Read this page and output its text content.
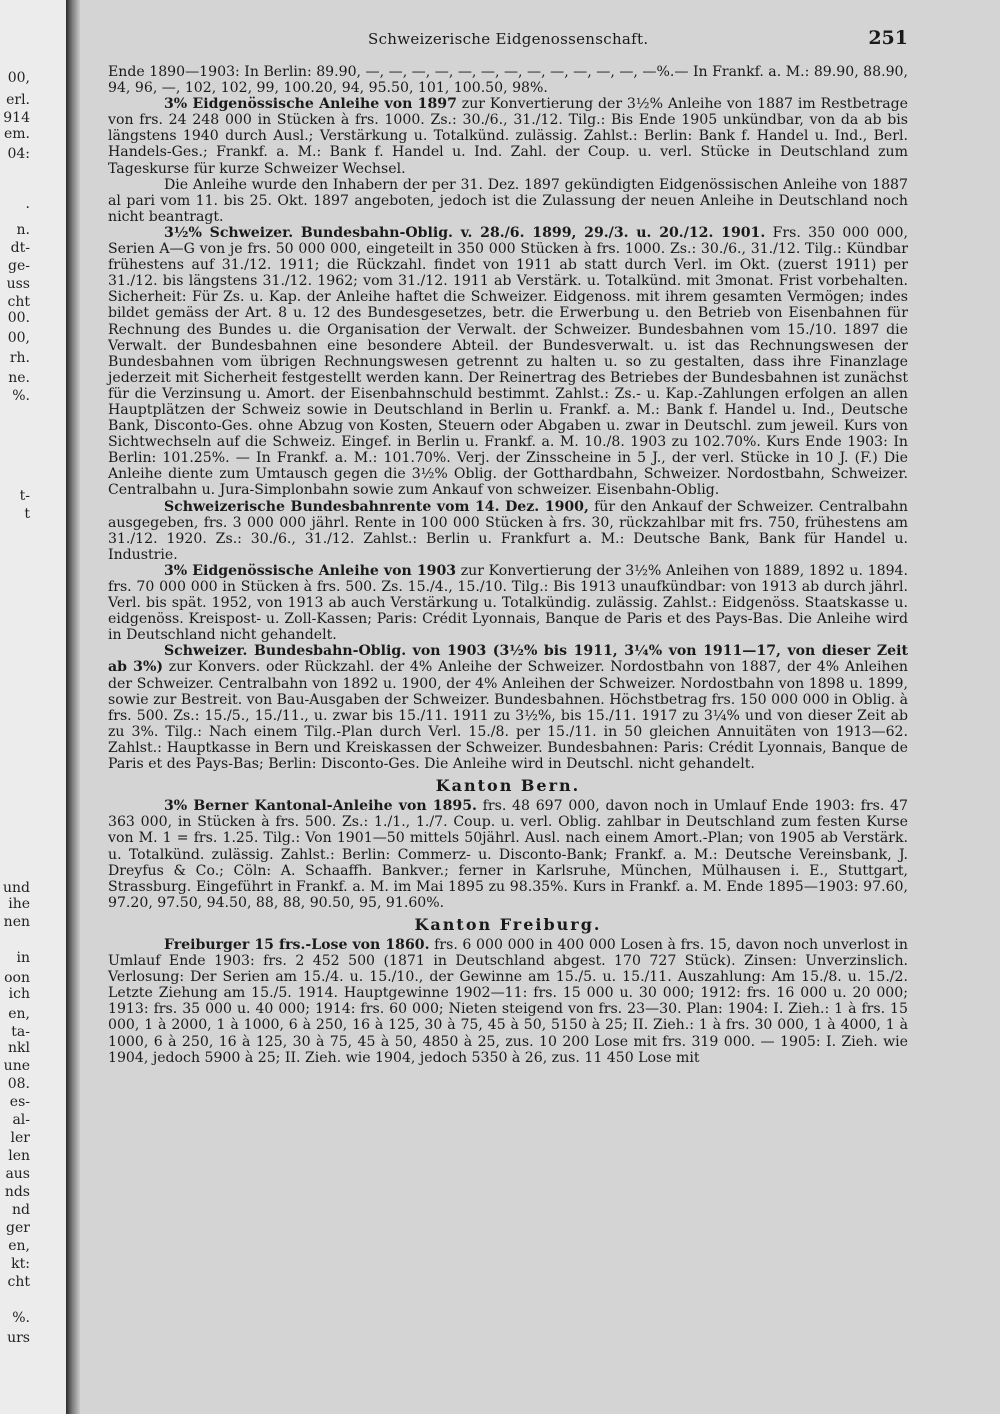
00,
erl.
914
em.
04:
·
n.
dt-
ge-
uss
cht
00.
00,
rh.
ne.
%.
t-
t
und
ihe
nen
in
oon
ich
en,
ta-
nkl
une
08.
es-
al-
ler
len
aus
nds
nd
ger
en,
kt:
cht
%.
urs
Schweizerische Eidgenossenschaft.	251

Ende 1890—1903: In Berlin: 89.90, —, —, —, —, —, —, —, —, —, —, —, —, —%.— In Frankf. a. M.: 89.90, 88.90, 94, 96, —, 102, 102, 99, 100.20, 94, 95.50, 101, 100.50, 98%.

3% Eidgenössische Anleihe von 1897 zur Konvertierung der 3½% Anleihe von 1887 im Restbetrage von frs. 24 248 000 in Stücken à frs. 1000. Zs.: 30./6., 31./12. Tilg.: Bis Ende 1905 unkündbar, von da ab bis längstens 1940 durch Ausl.; Verstärkung u. Totalkünd. zulässig. Zahlst.: Berlin: Bank f. Handel u. Ind., Berl. Handels-Ges.; Frankf. a. M.: Bank f. Handel u. Ind. Zahl. der Coup. u. verl. Stücke in Deutschland zum Tageskurse für kurze Schweizer Wechsel.

Die Anleihe wurde den Inhabern der per 31. Dez. 1897 gekündigten Eidgenössischen Anleihe von 1887 al pari vom 11. bis 25. Okt. 1897 angeboten, jedoch ist die Zulassung der neuen Anleihe in Deutschland noch nicht beantragt.

3½% Schweizer. Bundesbahn-Oblig. v. 28./6. 1899, 29./3. u. 20./12. 1901. Frs. 350 000 000, Serien A—G von je frs. 50 000 000, eingeteilt in 350 000 Stücken à frs. 1000. Zs.: 30./6., 31./12. Tilg.: Kündbar frühestens auf 31./12. 1911; die Rückzahl. findet von 1911 ab statt durch Verl. im Okt. (zuerst 1911) per 31./12. bis längstens 31./12. 1962; vom 31./12. 1911 ab Verstärk. u. Totalkünd. mit 3monat. Frist vorbehalten. Sicherheit: Für Zs. u. Kap. der Anleihe haftet die Schweizer. Eidgenoss. mit ihrem gesamten Vermögen; indes bildet gemäss der Art. 8 u. 12 des Bundesgesetzes, betr. die Erwerbung u. den Betrieb von Eisenbahnen für Rechnung des Bundes u. die Organisation der Verwalt. der Schweizer. Bundesbahnen vom 15./10. 1897 die Verwalt. der Bundesbahnen eine besondere Abteil. der Bundesverwalt. u. ist das Rechnungswesen der Bundesbahnen vom übrigen Rechnungswesen getrennt zu halten u. so zu gestalten, dass ihre Finanzlage jederzeit mit Sicherheit festgestellt werden kann. Der Reinertrag des Betriebes der Bundesbahnen ist zunächst für die Verzinsung u. Amort. der Eisenbahnschuld bestimmt. Zahlst.: Zs.- u. Kap.-Zahlungen erfolgen an allen Hauptplätzen der Schweiz sowie in Deutschland in Berlin u. Frankf. a. M.: Bank f. Handel u. Ind., Deutsche Bank, Disconto-Ges. ohne Abzug von Kosten, Steuern oder Abgaben u. zwar in Deutschl. zum jeweil. Kurs von Sichtwechseln auf die Schweiz. Eingef. in Berlin u. Frankf. a. M. 10./8. 1903 zu 102.70%. Kurs Ende 1903: In Berlin: 101.25%. — In Frankf. a. M.: 101.70%. Verj. der Zinsscheine in 5 J., der verl. Stücke in 10 J. (F.) Die Anleihe diente zum Umtausch gegen die 3½% Oblig. der Gotthardbahn, Schweizer. Nordostbahn, Schweizer. Centralbahn u. Jura-Simplonbahn sowie zum Ankauf von schweizer. Eisenbahn-Oblig.

Schweizerische Bundesbahnrente vom 14. Dez. 1900, für den Ankauf der Schweizer. Centralbahn ausgegeben, frs. 3 000 000 jährl. Rente in 100 000 Stücken à frs. 30, rückzahlbar mit frs. 750, frühestens am 31./12. 1920. Zs.: 30./6., 31./12. Zahlst.: Berlin u. Frankfurt a. M.: Deutsche Bank, Bank für Handel u. Industrie.

3% Eidgenössische Anleihe von 1903 zur Konvertierung der 3½% Anleihen von 1889, 1892 u. 1894. frs. 70 000 000 in Stücken à frs. 500. Zs. 15./4., 15./10. Tilg.: Bis 1913 unaufkündbar: von 1913 ab durch jährl. Verl. bis spät. 1952, von 1913 ab auch Verstärkung u. Totalkündig. zulässig. Zahlst.: Eidgenöss. Staatskasse u. eidgenöss. Kreispost- u. Zoll-Kassen; Paris: Crédit Lyonnais, Banque de Paris et des Pays-Bas. Die Anleihe wird in Deutschland nicht gehandelt.

Schweizer. Bundesbahn-Oblig. von 1903 (3½% bis 1911, 3¼% von 1911—17, von dieser Zeit ab 3%) zur Konvers. oder Rückzahl. der 4% Anleihe der Schweizer. Nordostbahn von 1887, der 4% Anleihen der Schweizer. Centralbahn von 1892 u. 1900, der 4% Anleihen der Schweizer. Nordostbahn von 1898 u. 1899, sowie zur Bestreit. von Bau-Ausgaben der Schweizer. Bundesbahnen. Höchstbetrag frs. 150 000 000 in Oblig. à frs. 500. Zs.: 15./5., 15./11., u. zwar bis 15./11. 1911 zu 3½%, bis 15./11. 1917 zu 3¼% und von dieser Zeit ab zu 3%. Tilg.: Nach einem Tilg.-Plan durch Verl. 15./8. per 15./11. in 50 gleichen Annuitäten von 1913—62. Zahlst.: Hauptkasse in Bern und Kreiskassen der Schweizer. Bundesbahnen: Paris: Crédit Lyonnais, Banque de Paris et des Pays-Bas; Berlin: Disconto-Ges. Die Anleihe wird in Deutschl. nicht gehandelt.

Kanton Bern.

3% Berner Kantonal-Anleihe von 1895. frs. 48 697 000, davon noch in Umlauf Ende 1903: frs. 47 363 000, in Stücken à frs. 500. Zs.: 1./1., 1./7. Coup. u. verl. Oblig. zahlbar in Deutschland zum festen Kurse von M. 1 = frs. 1.25. Tilg.: Von 1901—50 mittels 50jährl. Ausl. nach einem Amort.-Plan; von 1905 ab Verstärk. u. Totalkünd. zulässig. Zahlst.: Berlin: Commerz- u. Disconto-Bank; Frankf. a. M.: Deutsche Vereinsbank, J. Dreyfus & Co.; Cöln: A. Schaaffh. Bankver.; ferner in Karlsruhe, München, Mülhausen i. E., Stuttgart, Strassburg. Eingeführt in Frankf. a. M. im Mai 1895 zu 98.35%. Kurs in Frankf. a. M. Ende 1895—1903: 97.60, 97.20, 97.50, 94.50, 88, 88, 90.50, 95, 91.60%.

Kanton Freiburg.

Freiburger 15 frs.-Lose von 1860. frs. 6 000 000 in 400 000 Losen à frs. 15, davon noch unverlost in Umlauf Ende 1903: frs. 2 452 500 (1871 in Deutschland abgest. 170 727 Stück). Zinsen: Unverzinslich. Verlosung: Der Serien am 15./4. u. 15./10., der Gewinne am 15./5. u. 15./11. Auszahlung: Am 15./8. u. 15./2. Letzte Ziehung am 15./5. 1914. Hauptgewinne 1902—11: frs. 15 000 u. 30 000; 1912: frs. 16 000 u. 20 000; 1913: frs. 35 000 u. 40 000; 1914: frs. 60 000; Nieten steigend von frs. 23—30. Plan: 1904: I. Zieh.: 1 à frs. 15 000, 1 à 2000, 1 à 1000, 6 à 250, 16 à 125, 30 à 75, 45 à 50, 5150 à 25; II. Zieh.: 1 à frs. 30 000, 1 à 4000, 1 à 1000, 6 à 250, 16 à 125, 30 à 75, 45 à 50, 4850 à 25, zus. 10 200 Lose mit frs. 319 000. — 1905: I. Zieh. wie 1904, jedoch 5900 à 25; II. Zieh. wie 1904, jedoch 5350 à 26, zus. 11 450 Lose mit
